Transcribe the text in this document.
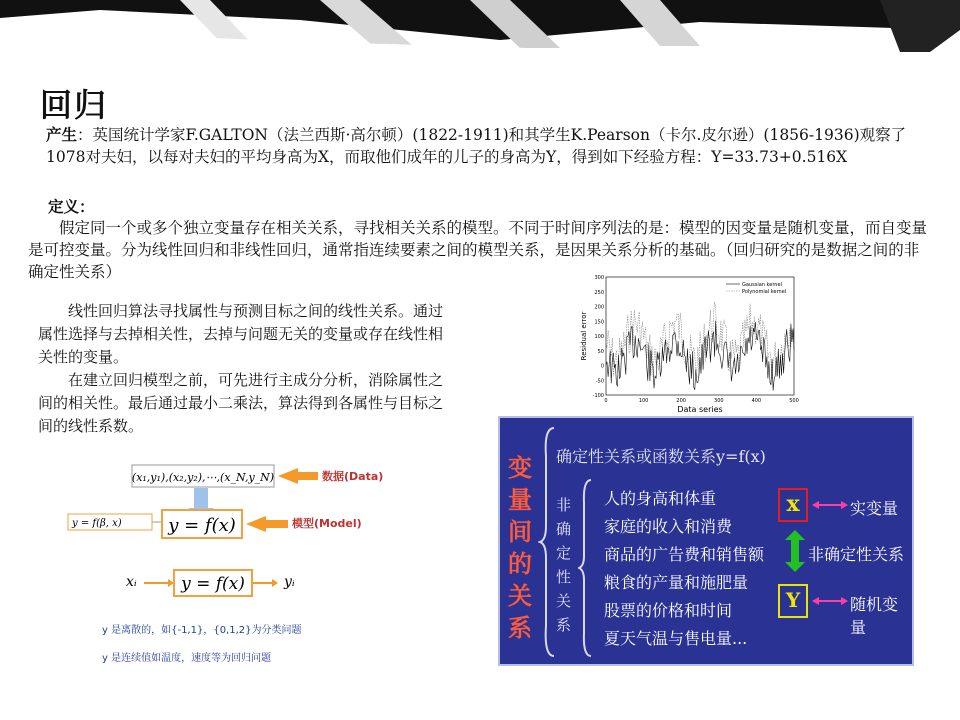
回归
产生：英国统计学家F.GALTON（法兰西斯·高尔顿）(1822-1911)和其学生K.Pearson（卡尔.皮尔逊）(1856-1936)观察了1078对夫妇，以每对夫妇的平均身高为X，而取他们成年的儿子的身高为Y，得到如下经验方程：Y=33.73+0.516X
定义：
假定同一个或多个独立变量存在相关关系，寻找相关关系的模型。不同于时间序列法的是：模型的因变量是随机变量，而自变量是可控变量。分为线性回归和非线性回归，通常指连续要素之间的模型关系，是因果关系分析的基础。（回归研究的是数据之间的非确定性关系）

线性回归算法寻找属性与预测目标之间的线性关系。通过属性选择与去掉相关性，去掉与问题无关的变量或存在线性相关性的变量。

在建立回归模型之前，可先进行主成分分析，消除属性之间的相关性。最后通过最小二乘法，算法得到各属性与目标之间的线性系数。

(x₁,y₁),(x₂,y₂),⋯,(x_N,y_N)	数据(Data)
y = f(β, x)	y = f(x)	模型(Model)
xᵢ	y = f(x)	yᵢ
y 是离散的，如{-1,1}，{0,1,2}为分类问题
y 是连续值如温度，速度等为回归问题
Residual error
Data series
300
250
200
150
100
50
0
-50
-100
0	100	200	300	400	500
Gaussian kernel
Polynomial kernel
变
量
间
的
关
系
确定性关系或函数关系y=f(x)
非
确
定
性
关
系
人的身高和体重
家庭的收入和消费
商品的广告费和销售额
粮食的产量和施肥量
股票的价格和时间
夏天气温与售电量...
x	实变量
非确定性关系
Y	随机变量
